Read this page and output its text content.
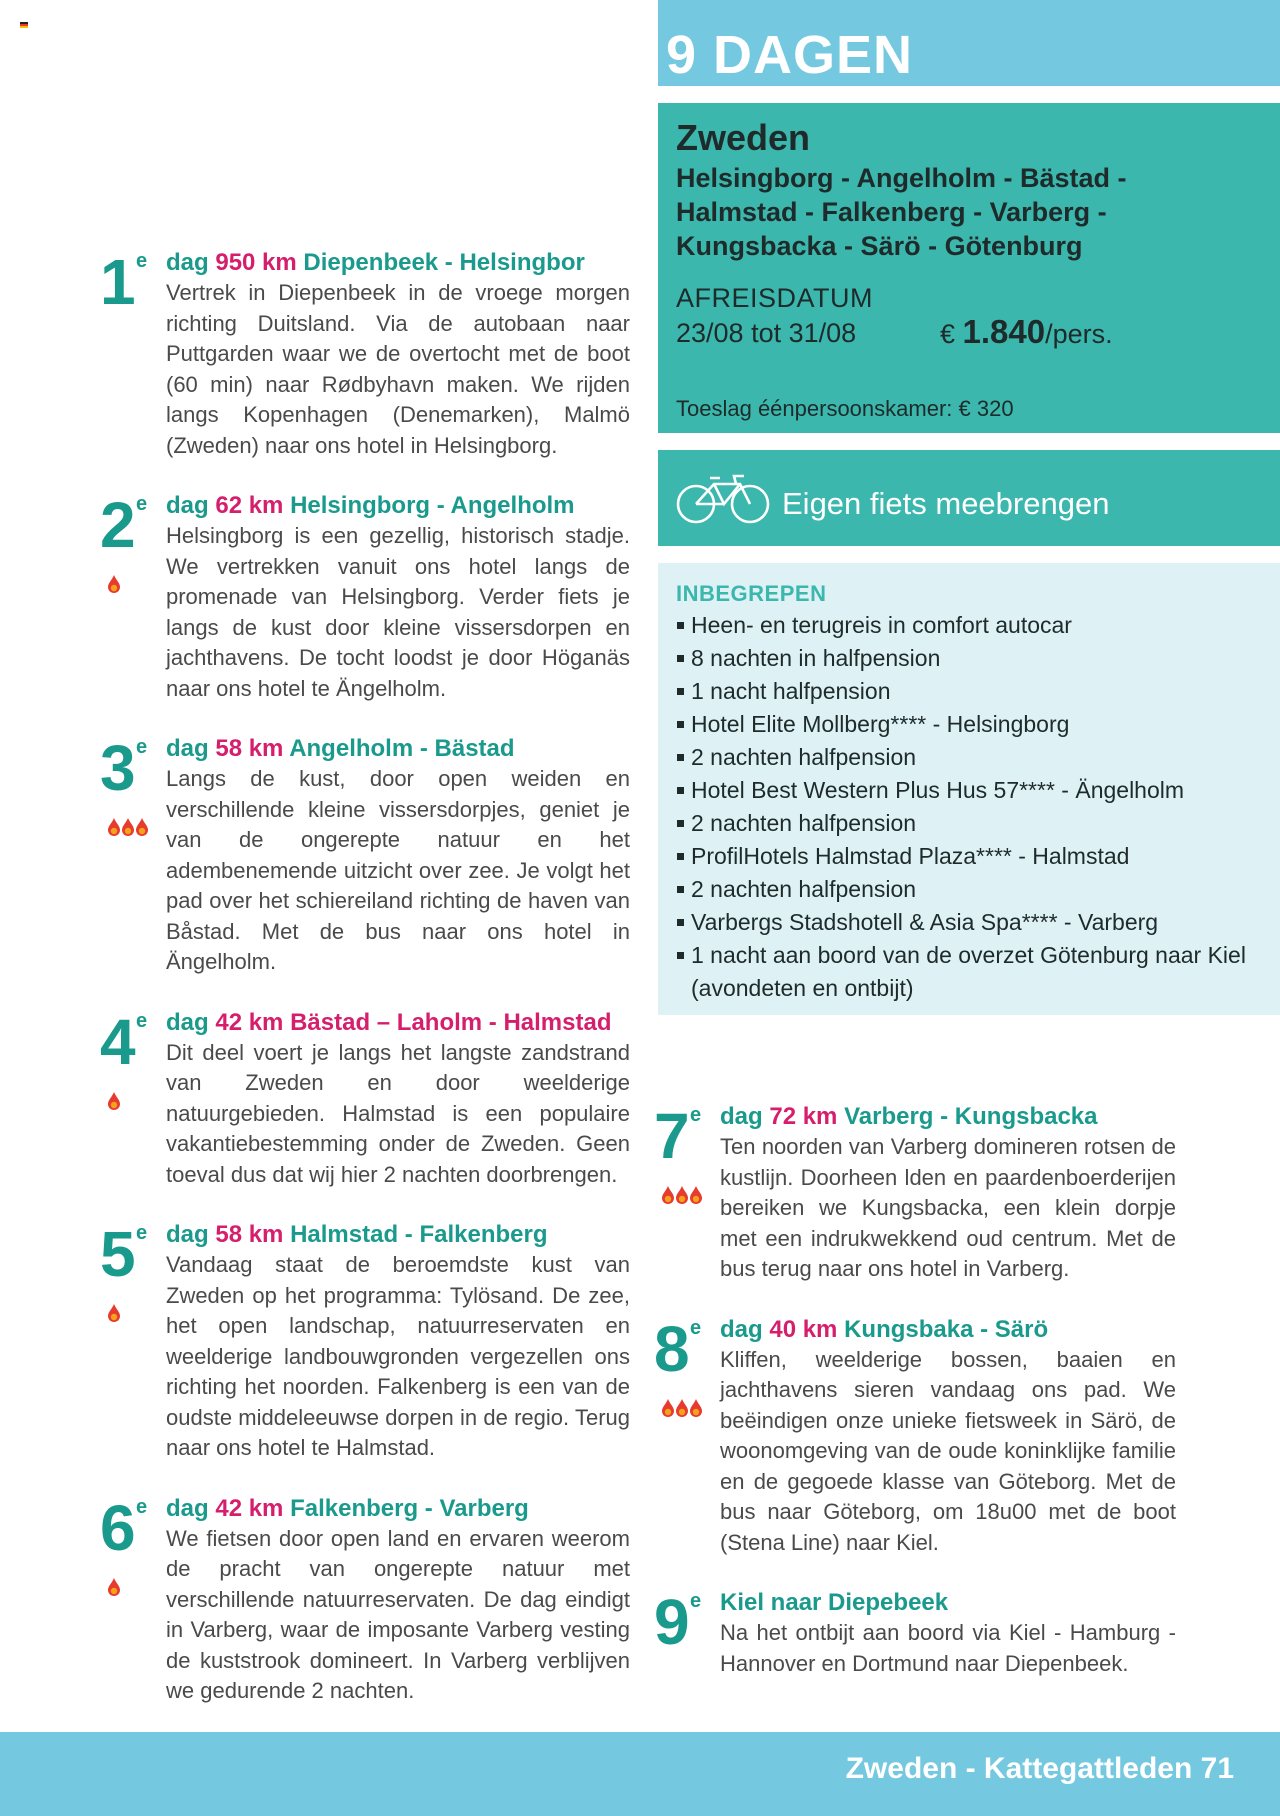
1 e dag 950 km Diepenbeek - Helsingbor
Vertrek in Diepenbeek in de vroege morgen richting Duitsland. Via de autobaan naar Puttgarden waar we de overtocht met de boot (60 min) naar Rødbyhavn maken. We rijden langs Kopenhagen (Denemarken), Malmö (Zweden) naar ons hotel in Helsingborg.
2 e dag 62 km Helsingborg - Angelholm
Helsingborg is een gezellig, historisch stadje. We vertrekken vanuit ons hotel langs de promenade van Helsingborg. Verder fiets je langs de kust door kleine vissersdorpen en jachthavens. De tocht loodst je door Höganäs naar ons hotel te Ängelholm.
3 e dag 58 km Angelholm - Bästad
Langs de kust, door open weiden en verschillende kleine vissersdorpjes, geniet je van de ongerepte natuur en het adembenemende uitzicht over zee. Je volgt het pad over het schiereiland richting de haven van Båstad. Met de bus naar ons hotel in Ängelholm.
4 e dag 42 km Bästad – Laholm - Halmstad
Dit deel voert je langs het langste zandstrand van Zweden en door weelderige natuurgebieden. Halmstad is een populaire vakantiebestemming onder de Zweden. Geen toeval dus dat wij hier 2 nachten doorbrengen.
5 e dag 58 km Halmstad - Falkenberg
Vandaag staat de beroemdste kust van Zweden op het programma: Tylösand. De zee, het open landschap, natuurreservaten en weelderige landbouwgronden vergezellen ons richting het noorden. Falkenberg is een van de oudste middeleeuwse dorpen in de regio. Terug naar ons hotel te Halmstad.
6 e dag 42 km Falkenberg - Varberg
We fietsen door open land en ervaren weerom de pracht van ongerepte natuur met verschillende natuurreservaten. De dag eindigt in Varberg, waar de imposante Varberg vesting de kuststrook domineert. In Varberg verblijven we gedurende 2 nachten.
9 DAGEN
Zweden
Helsingborg - Angelholm - Bästad - Halmstad - Falkenberg - Varberg - Kungsbacka - Särö - Götenburg
AFREISDATUM
23/08 tot 31/08	€ 1.840/pers.
Toeslag éénpersoonskamer: € 320
Eigen fiets meebrengen
INBEGREPEN
Heen- en terugreis in comfort autocar
8 nachten in halfpension
1 nacht halfpension
Hotel Elite Mollberg**** - Helsingborg
2 nachten halfpension
Hotel Best Western Plus Hus 57**** - Ängelholm
2 nachten halfpension
ProfilHotels Halmstad Plaza**** - Halmstad
2 nachten halfpension
Varbergs Stadshotell & Asia Spa**** - Varberg
1 nacht aan boord van de overzet Götenburg naar Kiel (avondeten en ontbijt)
7 e dag 72 km Varberg - Kungsbacka
Ten noorden van Varberg domineren rotsen de kustlijn. Doorheen lden en paardenboerderijen bereiken we Kungsbacka, een klein dorpje met een indrukwekkend oud centrum. Met de bus terug naar ons hotel in Varberg.
8 e dag 40 km Kungsbaka - Särö
Kliffen, weelderige bossen, baaien en jachthavens sieren vandaag ons pad. We beëindigen onze unieke fietsweek in Särö, de woonomgeving van de oude koninklijke familie en de gegoede klasse van Göteborg. Met de bus naar Göteborg, om 18u00 met de boot (Stena Line) naar Kiel.
9 e Kiel naar Diepebeek
Na het ontbijt aan boord via Kiel - Hamburg - Hannover en Dortmund naar Diepenbeek.
Zweden - Kattegattleden 71
